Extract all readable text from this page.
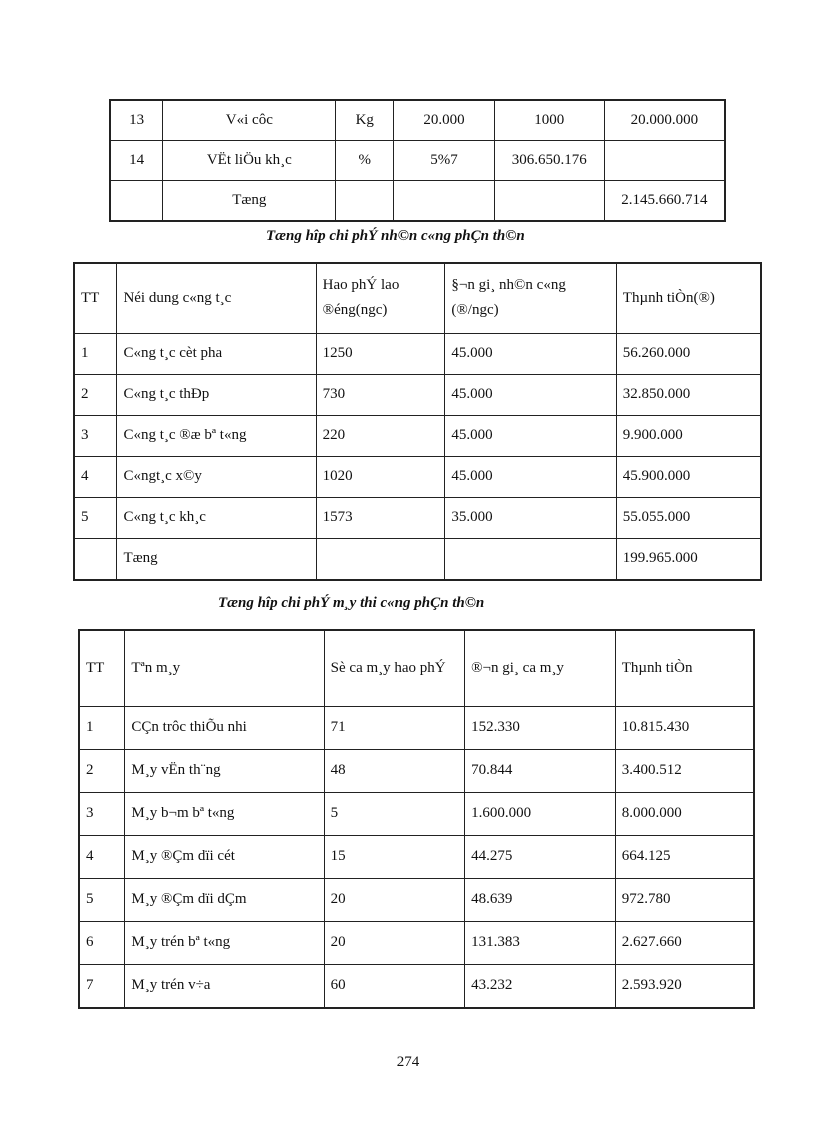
13	V«i côc	Kg	20.000	1000	20.000.000
14	VËt liÖu kh¸c	%	5%7	306.650.176	
	Tæng				2.145.660.714
Tæng hîp chi phÝ nh©n c«ng phÇn th©n
TT	Néi dung c«ng t¸c	Hao phÝ lao ®éng(ngc)	§¬n gi¸ nh©n c«ng (®/ngc)	Thµnh tiÒn(®)
1	C«ng t¸c cèt pha	1250	45.000	56.260.000
2	C«ng t¸c thÐp	730	45.000	32.850.000
3	C«ng t¸c ®æ bª t«ng	220	45.000	9.900.000
4	C«ngt¸c x©y	1020	45.000	45.900.000
5	C«ng t¸c kh¸c	1573	35.000	55.055.000
	Tæng			199.965.000
Tæng hîp chi phÝ m¸y thi c«ng phÇn th©n
TT	Tªn m¸y	Sè ca m¸y hao phÝ	®¬n gi¸ ca m¸y	Thµnh tiÒn
1	CÇn trôc thiÕu nhi	71	152.330	10.815.430
2	M¸y vËn th¨ng	48	70.844	3.400.512
3	M¸y b¬m bª t«ng	5	1.600.000	8.000.000
4	M¸y ®Çm dïi cét	15	44.275	664.125
5	M¸y ®Çm dïi dÇm	20	48.639	972.780
6	M¸y trén bª t«ng	20	131.383	2.627.660
7	M¸y trén v÷a	60	43.232	2.593.920
274
